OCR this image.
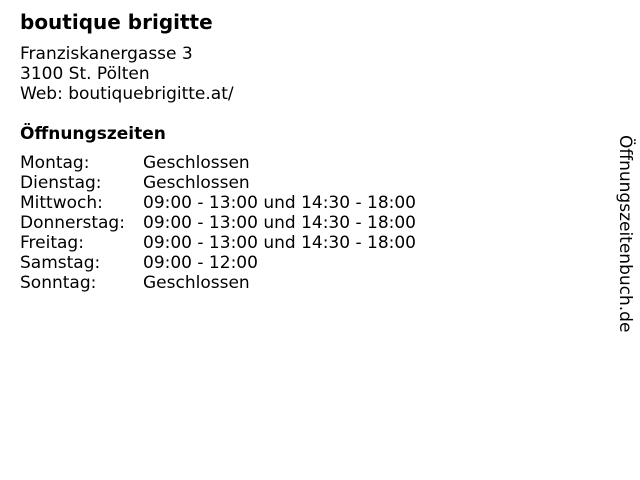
boutique brigitte
Franziskanergasse 3
3100 St. Pölten
Web: boutiquebrigitte.at/
Öffnungszeiten
Montag:	Geschlossen
Dienstag:	Geschlossen
Mittwoch:	09:00 - 13:00 und 14:30 - 18:00
Donnerstag:	09:00 - 13:00 und 14:30 - 18:00
Freitag:	09:00 - 13:00 und 14:30 - 18:00
Samstag:	09:00 - 12:00
Sonntag:	Geschlossen	Öffnungszeitenbuch.de
